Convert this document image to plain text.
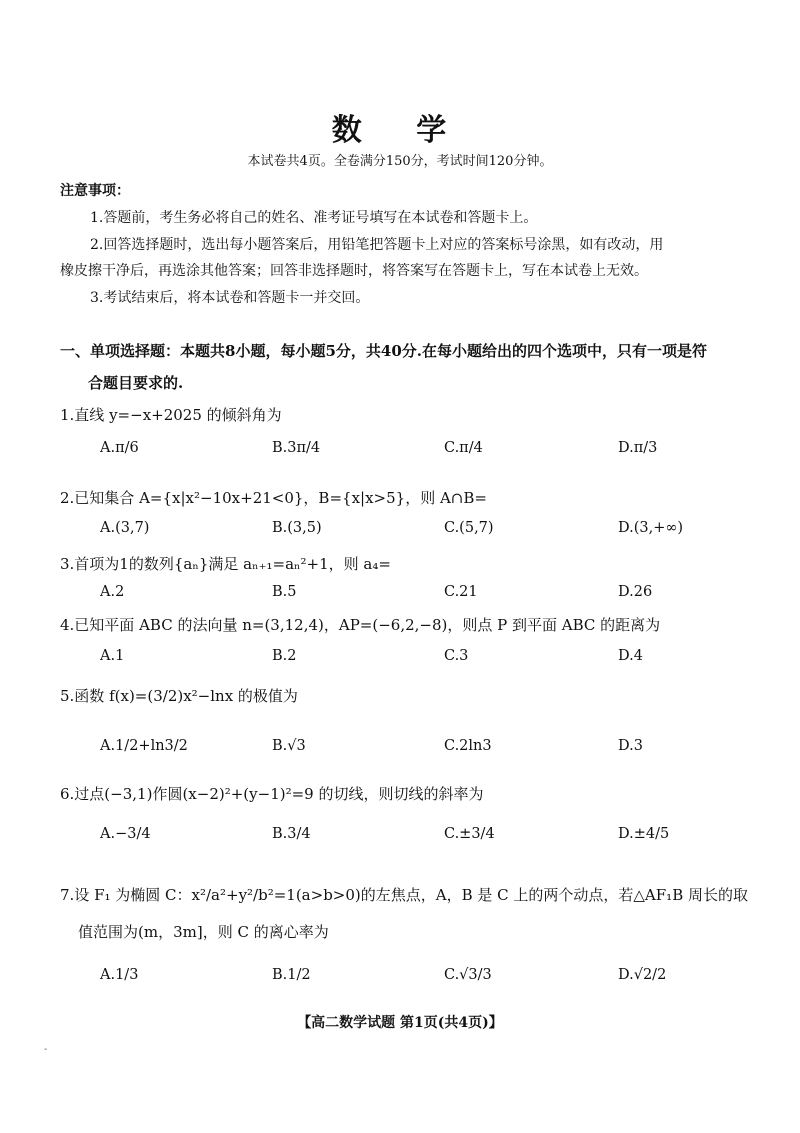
数 学
本试卷共4页。全卷满分150分，考试时间120分钟。
注意事项：
1.答题前，考生务必将自己的姓名、准考证号填写在本试卷和答题卡上。
2.回答选择题时，选出每小题答案后，用铅笔把答题卡上对应的答案标号涂黑，如有改动，用
橡皮擦干净后，再选涂其他答案；回答非选择题时，将答案写在答题卡上，写在本试卷上无效。
3.考试结束后，将本试卷和答题卡一并交回。
一、单项选择题：本题共8小题，每小题5分，共40分.在每小题给出的四个选项中，只有一项是符
合题目要求的.
1.直线 y=−x+2025 的倾斜角为
A.π/6	B.3π/4	C.π/4	D.π/3
2.已知集合 A={x|x²−10x+21<0}，B={x|x>5}，则 A∩B=
A.(3,7)	B.(3,5)	C.(5,7)	D.(3,+∞)
3.首项为1的数列{aₙ}满足 aₙ₊₁=aₙ²+1，则 a₄=
A.2	B.5	C.21	D.26
4.已知平面 ABC 的法向量 n=(3,12,4)，AP=(−6,2,−8)，则点 P 到平面 ABC 的距离为
A.1	B.2	C.3	D.4
5.函数 f(x)=(3/2)x²−lnx 的极值为
A.1/2+ln3/2	B.√3	C.2ln3	D.3
6.过点(−3,1)作圆(x−2)²+(y−1)²=9 的切线，则切线的斜率为
A.−3/4	B.3/4	C.±3/4	D.±4/5
7.设 F₁ 为椭圆 C：x²/a²+y²/b²=1(a>b>0)的左焦点，A，B 是 C 上的两个动点，若△AF₁B 周长的取
值范围为(m，3m]，则 C 的离心率为
A.1/3	B.1/2	C.√3/3	D.√2/2
【高二数学试题 第1页(共4页)】
-
